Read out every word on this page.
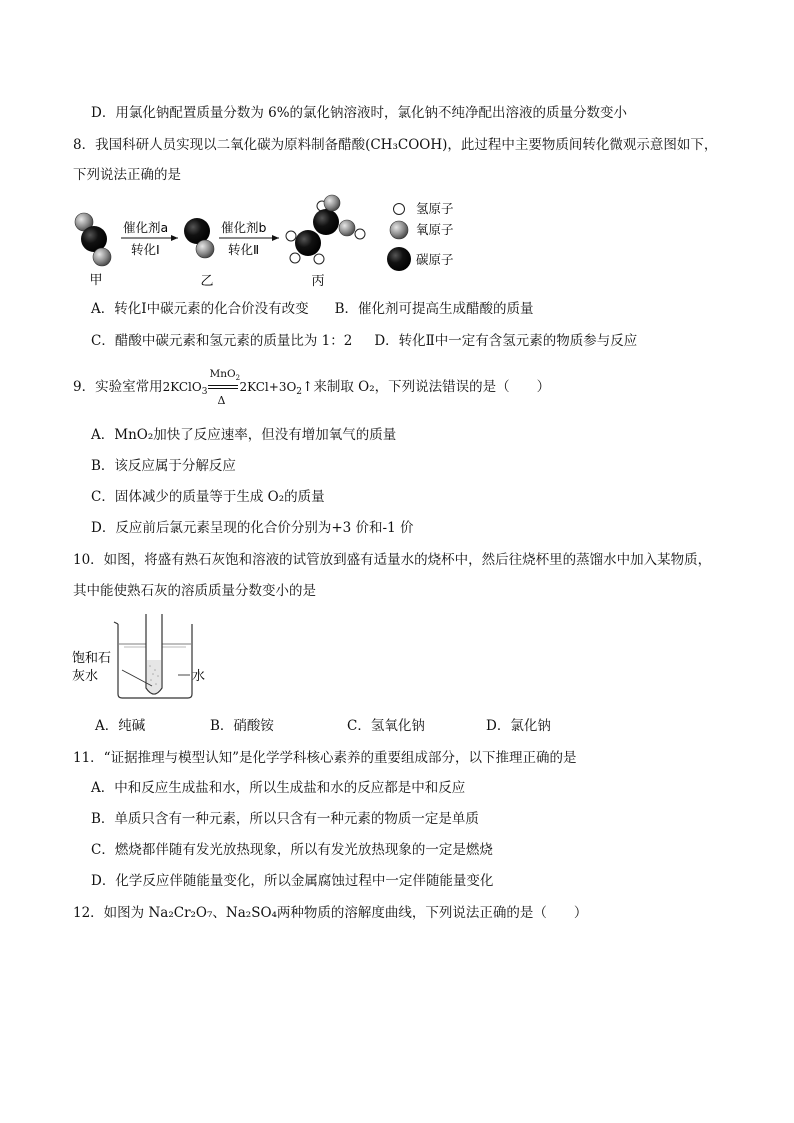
D．用氯化钠配置质量分数为 6%的氯化钠溶液时，氯化钠不纯净配出溶液的质量分数变小
8．我国科研人员实现以二氧化碳为原料制备醋酸(CH₃COOH)，此过程中主要物质间转化微观示意图如下，
下列说法正确的是
甲
催化剂a
转化Ⅰ
乙
催化剂b
转化Ⅱ
丙
氢原子
氧原子
碳原子
A．转化Ⅰ中碳元素的化合价没有改变 B．催化剂可提高生成醋酸的质量
C．醋酸中碳元素和氢元素的质量比为 1：2 D．转化Ⅱ中一定有含氢元素的物质参与反应
9．实验室常用2KClO$_3$
MnO$_2$
Δ
$2KCl+3O_2↑$来制取 O₂，下列说法错误的是（　　）
A．MnO₂加快了反应速率，但没有增加氧气的质量
B．该反应属于分解反应
C．固体减少的质量等于生成 O₂的质量
D．反应前后氯元素呈现的化合价分别为+3 价和-1 价
10．如图，将盛有熟石灰饱和溶液的试管放到盛有适量水的烧杯中，然后往烧杯里的蒸馏水中加入某物质，
其中能使熟石灰的溶质质量分数变小的是
饱和石
灰水	水
A．纯碱	B．硝酸铵	C．氢氧化钠	D．氯化钠
11．“证据推理与模型认知”是化学学科核心素养的重要组成部分，以下推理正确的是
A．中和反应生成盐和水，所以生成盐和水的反应都是中和反应
B．单质只含有一种元素，所以只含有一种元素的物质一定是单质
C．燃烧都伴随有发光放热现象，所以有发光放热现象的一定是燃烧
D．化学反应伴随能量变化，所以金属腐蚀过程中一定伴随能量变化
12．如图为 Na₂Cr₂O₇、Na₂SO₄两种物质的溶解度曲线，下列说法正确的是（　　）
